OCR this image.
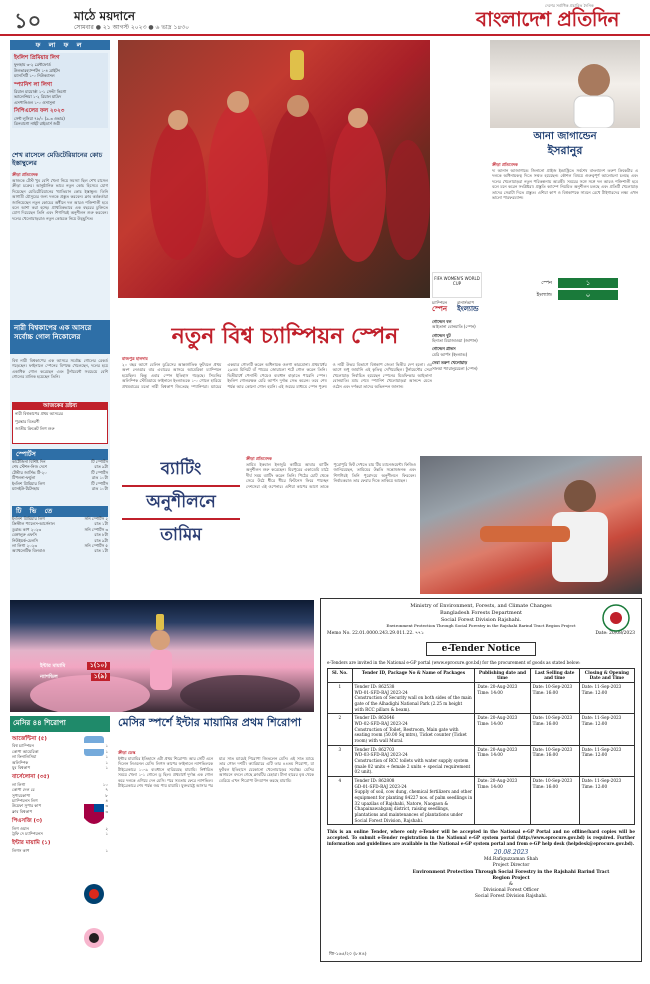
১০	মাঠে ময়দানে
সোমবার ● ২১ আগস্ট ২০২৩ ● ৬ ভাদ্র ১৪৩০
দেশের সর্বাধিক প্রচারিত দৈনিক
বাংলাদেশ প্রতিদিন
ফ লা ফ ল
ইংলিশ প্রিমিয়ার লিগ
ফুলহাম ৩-২ ব্রেন্টফোর্ড
উলভারহ্যাম্পটন ১-৪ ব্রাইটন
ম্যানসিটি ১-০ নিউক্যাসল
স্প্যানিশ লা লিগা
রিয়াল মায়োর্কা ১-১ সেল্টা ভিগো
ভ্যালেন্সিয়া ১-২ রিয়াল মাদ্রিদ
এসপানিওল ১-০ ওসাসুনা
সিপিএলের ফল ২০২৩
সেন্ট লুসিয়া ৭৮/০ (৯.৩ ওভার)
ত্রিনবাগো নাইট রাইডার্স জয়ী
শেখ রাসেলে মেডিটেরিয়ানের কোচ ইস্তাম্বুলের
ক্রীড়া প্রতিবেদক
আজকে টেস্ট খুব বেশি খেলা নিয়ে সমস্যা ছিল শেখ রাসেল ক্রীড়া চক্রের। আনুষ্ঠানিক ভাবে নতুন কোচ হিসেবে যোগ দিয়েছেন মেডিটেরিয়ানের খ্যাতিমান কোচ ইস্তাম্বুল। তিনি আগামী মৌসুমের জন্য দলকে প্রস্তুত করবেন। ক্লাব কর্মকর্তারা জানিয়েছেন নতুন কোচের অধীনে দল আরও শক্তিশালী হবে বলে আশা করা হচ্ছে। প্রাথমিকভাবে এক বছরের চুক্তিতে যোগ দিয়েছেন তিনি এবং শিগগিরই অনুশীলন শুরু করবেন। দলের খেলোয়াড়রাও নতুন কোচকে নিয়ে উচ্ছ্বসিত।
নারী বিশ্বকাপের এক আসরে সর্বোচ্চ গোল নিকোলের
বিশ্ব নারী বিশ্বকাপের এক আসরে সর্বোচ্চ গোলের রেকর্ড গড়েছেন। ফাইনালে স্পেনের বিপক্ষে খেলেছেন, দলের হয়ে একাধিক গোল করেছেন এবং টুর্নামেন্টে সবচেয়ে বেশি গোলের মালিক হয়েছেন তিনি।
আজকের দ্রষ্টব্য
নারী বিশ্বকাপের প্রথম আসরের
পুরস্কার বিতরণী
জাতীয় ক্রিকেট লিগ শুরু
স্পোর্টস
কার্টেজিনা বিশিষ্ট দিন	টি স্পোর্টস
শেষ স্টেশন-নিজ দেশে	রাত ৯টা
টেস্টার জার্সিভ টি-২০	টি স্পোর্টস
টিপলনা-ফর্মুলা	রাত ১০টা
ইংলিশ প্রিমিয়ার লিগ	টি স্পোর্টস
ম্যানইউ-টটেনহাম	রাত ১০টা
টি ভি তে
ইংলিশ প্রিমিয়ার লিগ	সনি স্পোর্টস ২
ক্রিস্টাল প্যালেস-আর্সেনাল	রাত ১টা
ডুরান্ড কাপ ২০২৩	সনি স্পোর্টস ৩
বেঙ্গালুরু এফসি	রাত ৮টা
নিউইয়র্ক-চেলসি	রাত ৯টা
লা লিগা ২০২৩	সনি স্পোর্টস ৫
অ্যাথলেটিক বিলবাও	রাত ১টা
FIFA WOMEN'S WORLD CUP
আনা জাগান্ডেন
ইসরানুর
ক্রীড়া প্রতিবেদক
দ্য আনান আজাগান্ডে জিনানো প্রাইজ ইন্ডাস্ট্রিতে সর্বশেষ বাংলাদেশ তরুণ ক্রিকেটার এ দলকে অধিনায়কত্ব দিতে সম্মত হয়েছেন। কৌশল বিষয়ে গুরুত্বপূর্ণ আলোচনা চলছে এবং দলের খেলোয়াড়রা নতুন পরিকল্পনায় আগ্রহী। সময়ের সঙ্গে সঙ্গে দল আরও শক্তিশালী হবে বলে মনে করেন সংশ্লিষ্টরা। প্রস্তুতি ক্যাম্পে নিয়মিত অনুশীলন চলছে এবং প্রতিটি খেলোয়াড় তাদের সেরাটা দিতে প্রস্তুত। এশিয়া কাপ ও বিশ্বকাপকে সামনে রেখে টাইগারদের লক্ষ্য এখন ভালো পারফরম্যান্স।
স্পেন	১
ইংল্যান্ড	০
চ্যাম্পিয়ন	রানার্সআপ
স্পেন ইংল্যান্ড
গোল্ডেন বল
আইতানা বোনমাতি (স্পেন)
গোল্ডেন বুট
হিনাতা মিয়াজাওয়া (জাপান)
গোল্ডেন গ্লাভস
মেরি আর্পস (ইংল্যান্ড)
সেরা তরুণ খেলোয়াড়
সালমা প্যারালুয়েলো (স্পেন)
নতুন বিশ্ব চ্যাম্পিয়ন স্পেন
রাজপুত্র হালদার
২০ বছর আগে বেলিন ডুব্রিসের আন্তর্জাতিক ফুটবলে প্রথম অংশ নেওয়ার বার এবারের আসরে আমেরিকা চ্যাম্পিয়ন হয়েছিল। কিন্তু এবার স্পেন ইতিহাস গড়েছে। সিডনির অলিম্পিক স্টেডিয়ামে ফাইনালে ইংল্যান্ডকে ১-০ গোলে হারিয়ে প্রথমবারের মতো নারী বিশ্বকাপ জিতেছে স্প্যানিশরা। ম্যাচের একমাত্র গোলটি করেন অধিনায়ক ওলগা কারমোনা। প্রথমার্ধের ২৯তম মিনিটে বাঁ পায়ের জোরালো শটে গোল করেন তিনি। দ্বিতীয়ার্ধে পেনাল্টি পেয়েও ব্যবধান বাড়াতে পারেনি স্পেন। ইংলিশ গোলরক্ষক মেরি আর্পস দুর্দান্ত সেভ করেন। তবে শেষ পর্যন্ত আর কোনো গোল হয়নি। এই জয়ের মাধ্যমে স্পেন পুরুষ ও নারী উভয় বিভাগে বিশ্বকাপ জেতা দ্বিতীয় দেশ হলো। এর আগে শুধু জার্মানি এই কৃতিত্ব দেখিয়েছিল। টুর্নামেন্টের সেরা খেলোয়াড় নির্বাচিত হয়েছেন স্পেনের মিডফিল্ডার আইতানা বোনমাতি। ম্যাচ শেষে স্প্যানিশ খেলোয়াড়রা আনন্দে মেতে ওঠেন এবং দর্শকরা তাদের অভিনন্দন জানান।
ব্যাটিং
অনুশীলনে
তামিম
ক্রীড়া প্রতিবেদক
তামিম ইকবাল ইনজুরি কাটিয়ে আবার ব্যাটিং অনুশীলন শুরু করেছেন। মিরপুরের একাডেমি মাঠে দীর্ঘ সময় ব্যাটিং করেন তিনি। পিঠের চোট থেকে সেরে উঠে ধীরে ধীরে ফিটনেস ফিরে পাচ্ছেন দেশসেরা এই ওপেনার। এশিয়া কাপের আগে তাকে পুরোপুরি ফিট দেখতে চায় টিম ম্যানেজমেন্ট। ফিজিও জানিয়েছেন, তামিমের উন্নতি সন্তোষজনক এবং শিগগিরই তিনি পুরোদমে অনুশীলনে ফিরবেন। নির্বাচকরাও তার ফেরার দিকে তাকিয়ে আছেন।
ইন্টার মায়ামি	১(১০)
ন্যাশভিল	১(৯)
মেসির ৪৪ শিরোপা
আর্জেন্টিনা (৫)
বিশ্ব চ্যাম্পিয়ন	১
কোপা আমেরিকা	১
লা ফিনালিসিমা	১
অলিম্পিক	১
যুব বিশ্বকাপ	১
বার্সেলোনা (৩৫)
লা লিগা	১০
কোপা দেল রে	৭
সুপারকোপা	৮
চ্যাম্পিয়নস লিগ	৪
উয়েফা সুপার কাপ	৩
ক্লাব বিশ্বকাপ	৩
পিএসজি (৩)
লিগ ওয়ান	২
ট্রফি দে চ্যাম্পিয়নস	১
ইন্টার মায়ামি (১)
লিগস কাপ	১
মেসির স্পর্শে ইন্টার মায়ামির প্রথম শিরোপা
ক্রীড়া ডেস্ক
ইন্টার মায়ামির ইতিহাসে এটা প্রথম শিরোপা। আর সেটি এনে দিলেন লিওনেল মেসি। লিগস কাপের ফাইনালে ন্যাশভিলকে টাইব্রেকারে ১০-৯ ব্যবধানে হারিয়েছে মায়ামি। নির্ধারিত সময়ে খেলা ১-১ গোলে ড্র ছিল। প্রথমার্ধে দুর্দান্ত এক গোল করে দলকে এগিয়ে দেন মেসি। পরে সমতায় ফেরে ন্যাশভিল। টাইব্রেকারে শেষ পর্যন্ত জয় পায় মায়ামি। যুক্তরাষ্ট্রে আসার পর মাত্র সাত ম্যাচেই শিরোপা জিতলেন মেসি। এই সাত ম্যাচে তার গোল দশটি। ক্যারিয়ারে এটি তার ৪৪তম শিরোপা, যা ফুটবল ইতিহাসে যেকোনো খেলোয়াড়ের সর্বোচ্চ। মেসির আগমনে বদলে গেছে ক্লাবটির চেহারা। টানা হারের বৃত্ত থেকে বেরিয়ে এখন শিরোপা উদযাপন করছে মায়ামি।
Ministry of Environment, Forests, and Climate Changes
Bangladesh Forests Department
Social Forest Division Rajshahi.
Environment Protection Through Social Forestry in the Rajshahi Barind Tract Region Project
Memo No. 22.01.0000.243.29.011.22. ৭৭১	Date: 20/08/2023
e-Tender Notice
e-Tenders are invited in the National e-GP portal (www.eprocure.gov.bd) for the procurement of goods as stated below:
Sl. No.	Tender ID, Package No & Name of Packages	Publishing date and time	Last Selling date and time	Closing & Opening Date and Time
1	Tender ID: 862538
WD-01-SFD-RAJ 2023-24
Construction of Security wall on both sides of the main gate of the Alhadighi National Park (2.25 m height with RCC pillars & beam).	Date: 20-Aug-2023
Time: 14:00	Date: 10-Sep-2023
Time: 16:00	Date: 11-Sep-2023
Time: 12:00
2	Tender ID: 862646
WD-02-SFD-RAJ 2023-24
Construction of Toilet, Restroom, Main gate with seating room (50.00 Sq mtrs), Ticket counter (Ticket room) with wall Mural.	Date: 20-Aug-2023
Time: 14:00	Date: 10-Sep-2023
Time: 16:00	Date: 11-Sep-2023
Time: 12:00
3	Tender ID: 862703
WD-03-SFD-RAJ 2023-24
Construction of RCC toilets with water supply system (male 02 units + female 2 units + special requirement 02 unit).	Date: 20-Aug-2023
Time: 14:00	Date: 10-Sep-2023
Time: 16:00	Date: 11-Sep-2023
Time: 12:00
4	Tender ID: 862808
GD-01-SFD-RAJ 2023-24
Supply of soil, cow dung, chemical fertilizers and other equipment for planting 84227 nos. of palm seedlings in 32 upazilas of Rajshahi, Natore, Naogaon & Chapainawabganj district, raising seedlings, plantations and maintenances of plantations under Social Forest Division, Rajshahi.	Date: 20-Aug-2023
Time: 14:00	Date: 10-Sep-2023
Time: 16:00	Date: 11-Sep-2023
Time: 12:00
This is an online Tender, where only e-Tender will be accepted in the National e-GP Portal and no offline/hard copies will be accepted. To submit e-Tender registration in the National e-GP system portal (http://www.eprocure.gov.bd) is required. Further information and guidelines are available in the National e-GP system portal and from e-GP help desk (helpdesk@eprocure.gov.bd).
20.08.2023
Md.Rafiquzzaman Shah
Project Director
Environment Protection Through Social Forestry in the Rajshahi Barind Tract Region Project
&
Divisional Forest Officer
Social Forest Division Rajshahi.
জি-১৬৫/২০ (৮×৪)
